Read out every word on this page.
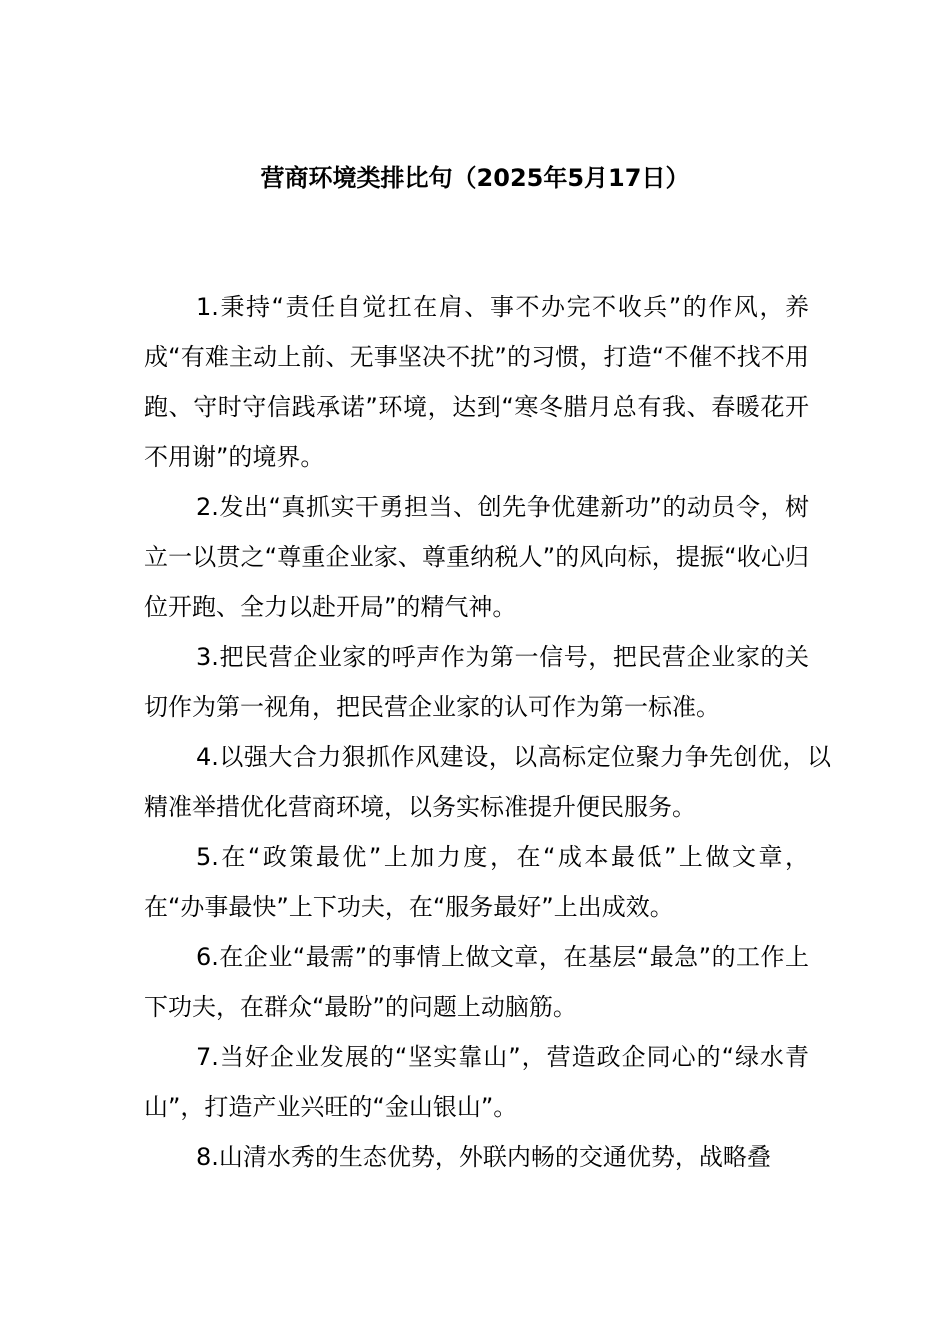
营商环境类排比句（2025年5月17日）

1.秉持“责任自觉扛在肩、事不办完不收兵”的作风，养成“有难主动上前、无事坚决不扰”的习惯，打造“不催不找不用跑、守时守信践承诺”环境，达到“寒冬腊月总有我、春暖花开不用谢”的境界。

2.发出“真抓实干勇担当、创先争优建新功”的动员令，树立一以贯之“尊重企业家、尊重纳税人”的风向标，提振“收心归位开跑、全力以赴开局”的精气神。

3.把民营企业家的呼声作为第一信号，把民营企业家的关切作为第一视角，把民营企业家的认可作为第一标准。

4.以强大合力狠抓作风建设，以高标定位聚力争先创优，以精准举措优化营商环境，以务实标准提升便民服务。

5.在“政策最优”上加力度，在“成本最低”上做文章，在“办事最快”上下功夫，在“服务最好”上出成效。

6.在企业“最需”的事情上做文章，在基层“最急”的工作上下功夫，在群众“最盼”的问题上动脑筋。

7.当好企业发展的“坚实靠山”，营造政企同心的“绿水青山”，打造产业兴旺的“金山银山”。

8.山清水秀的生态优势，外联内畅的交通优势，战略叠
